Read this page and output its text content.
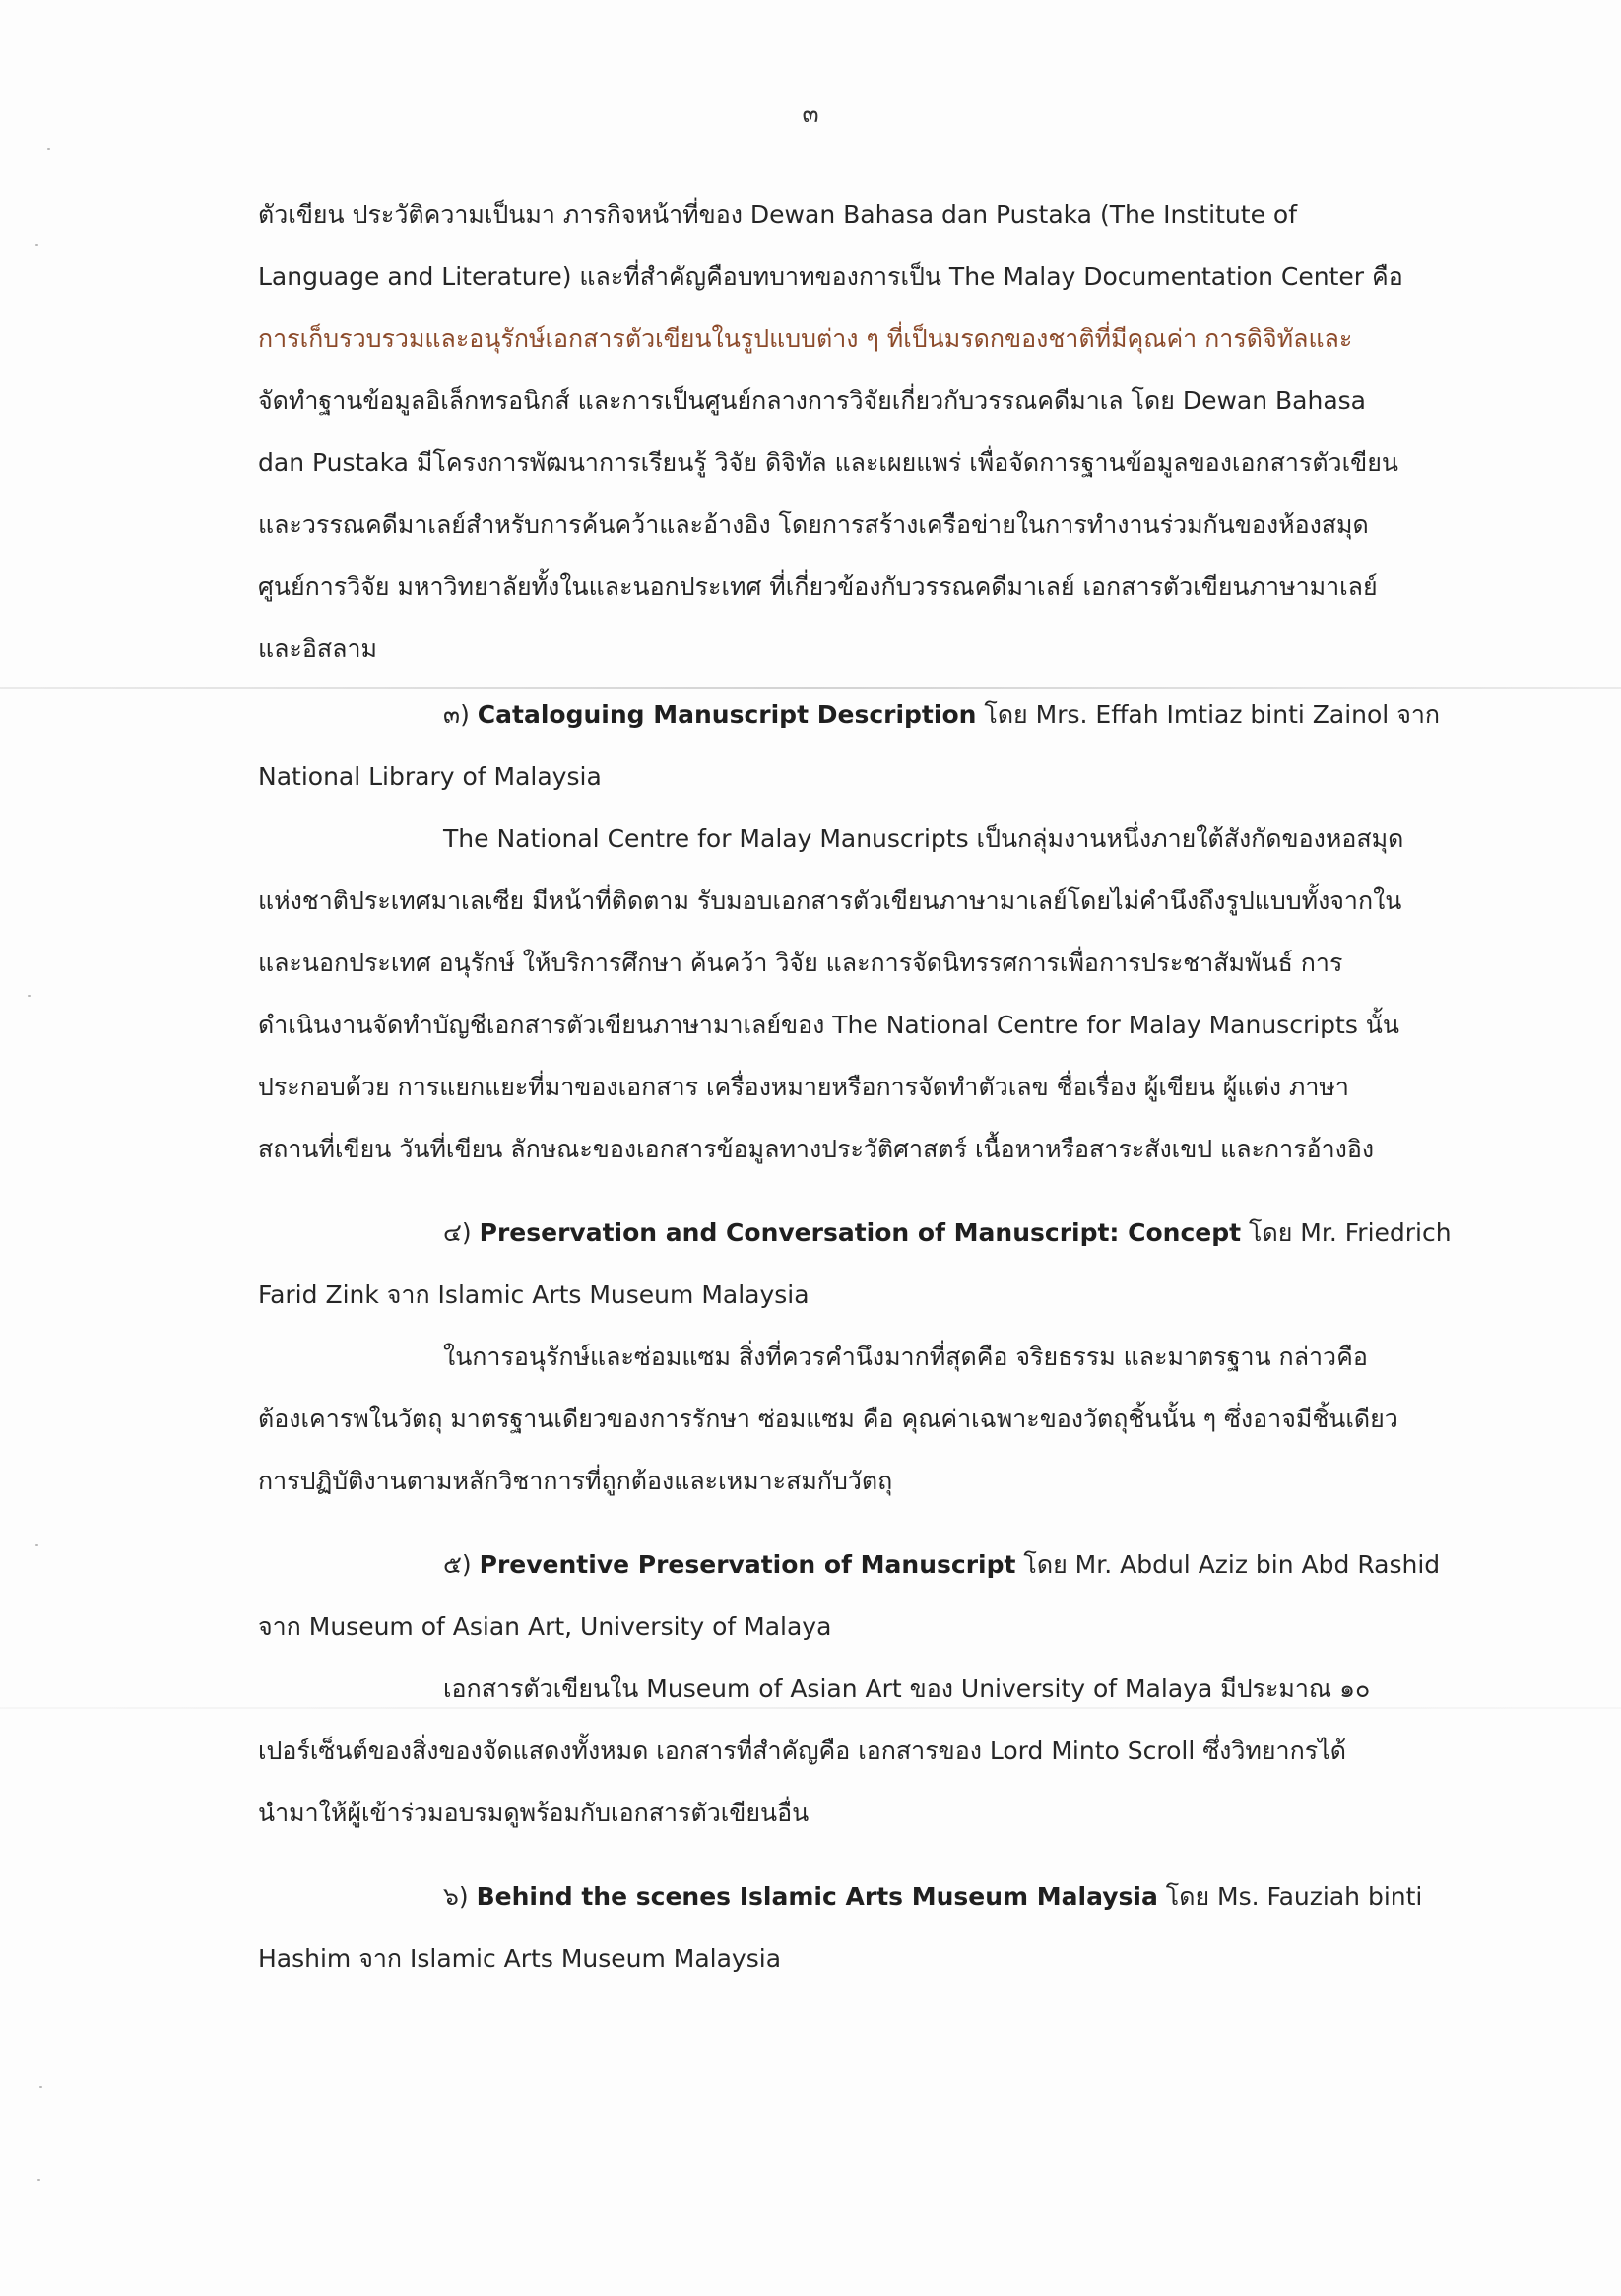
๓

ตัวเขียน ประวัติความเป็นมา ภารกิจหน้าที่ของ Dewan Bahasa dan Pustaka (The Institute of
Language and Literature) และที่สำคัญคือบทบาทของการเป็น The Malay Documentation Center คือ
การเก็บรวบรวมและอนุรักษ์เอกสารตัวเขียนในรูปแบบต่าง ๆ ที่เป็นมรดกของชาติที่มีคุณค่า การดิจิทัลและ
จัดทำฐานข้อมูลอิเล็กทรอนิกส์ และการเป็นศูนย์กลางการวิจัยเกี่ยวกับวรรณคดีมาเล โดย Dewan Bahasa
dan Pustaka มีโครงการพัฒนาการเรียนรู้ วิจัย ดิจิทัล และเผยแพร่ เพื่อจัดการฐานข้อมูลของเอกสารตัวเขียน
และวรรณคดีมาเลย์สำหรับการค้นคว้าและอ้างอิง โดยการสร้างเครือข่ายในการทำงานร่วมกันของห้องสมุด
ศูนย์การวิจัย มหาวิทยาลัยทั้งในและนอกประเทศ ที่เกี่ยวข้องกับวรรณคดีมาเลย์ เอกสารตัวเขียนภาษามาเลย์
และอิสลาม

๓) Cataloguing Manuscript Description โดย Mrs. Effah Imtiaz binti Zainol จาก
National Library of Malaysia
The National Centre for Malay Manuscripts เป็นกลุ่มงานหนึ่งภายใต้สังกัดของหอสมุด
แห่งชาติประเทศมาเลเซีย มีหน้าที่ติดตาม รับมอบเอกสารตัวเขียนภาษามาเลย์โดยไม่คำนึงถึงรูปแบบทั้งจากใน
และนอกประเทศ อนุรักษ์ ให้บริการศึกษา ค้นคว้า วิจัย และการจัดนิทรรศการเพื่อการประชาสัมพันธ์ การ
ดำเนินงานจัดทำบัญชีเอกสารตัวเขียนภาษามาเลย์ของ The National Centre for Malay Manuscripts นั้น
ประกอบด้วย การแยกแยะที่มาของเอกสาร เครื่องหมายหรือการจัดทำตัวเลข ชื่อเรื่อง ผู้เขียน ผู้แต่ง ภาษา
สถานที่เขียน วันที่เขียน ลักษณะของเอกสารข้อมูลทางประวัติศาสตร์ เนื้อหาหรือสาระสังเขป และการอ้างอิง
๔) Preservation and Conversation of Manuscript: Concept โดย Mr. Friedrich
Farid Zink จาก Islamic Arts Museum Malaysia
ในการอนุรักษ์และซ่อมแซม สิ่งที่ควรคำนึงมากที่สุดคือ จริยธรรม และมาตรฐาน กล่าวคือ
ต้องเคารพในวัตถุ มาตรฐานเดียวของการรักษา ซ่อมแซม คือ คุณค่าเฉพาะของวัตถุชิ้นนั้น ๆ ซึ่งอาจมีชิ้นเดียว
การปฏิบัติงานตามหลักวิชาการที่ถูกต้องและเหมาะสมกับวัตถุ
๕) Preventive Preservation of Manuscript โดย Mr. Abdul Aziz bin Abd Rashid
จาก Museum of Asian Art, University of Malaya
เอกสารตัวเขียนใน Museum of Asian Art ของ University of Malaya มีประมาณ ๑๐
เปอร์เซ็นต์ของสิ่งของจัดแสดงทั้งหมด เอกสารที่สำคัญคือ เอกสารของ Lord Minto Scroll ซึ่งวิทยากรได้
นำมาให้ผู้เข้าร่วมอบรมดูพร้อมกับเอกสารตัวเขียนอื่น
๖) Behind the scenes Islamic Arts Museum Malaysia โดย Ms. Fauziah binti
Hashim จาก Islamic Arts Museum Malaysia
